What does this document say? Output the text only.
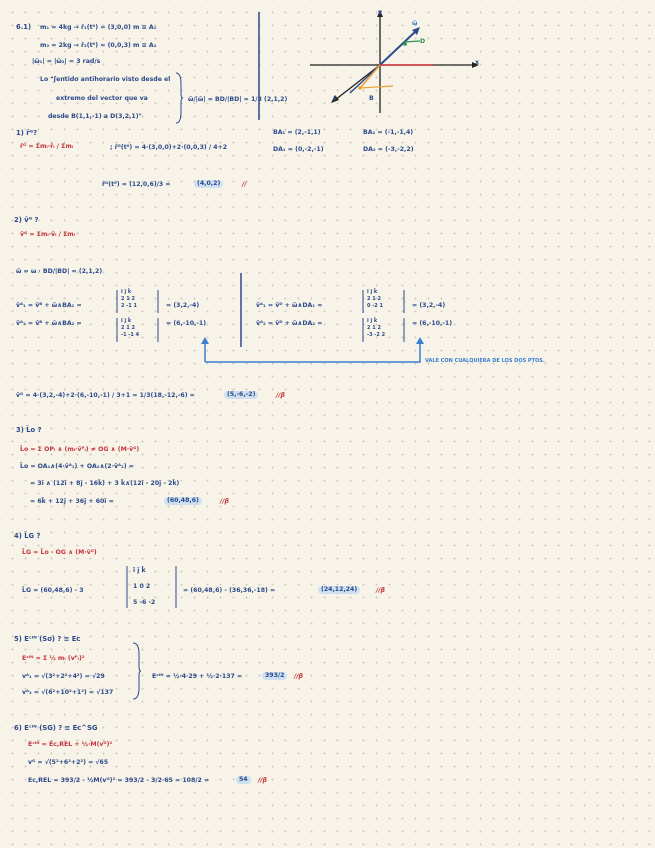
6.1) m₁ = 4kg → r̄₁(t⁰) = (3,0,0) m ≡ A₁
m₂ = 2kg → r̄₂(t⁰) = (0,0,3) m ≡ A₂
|ω̄₁| = |ω̄₂| = 3 rad/s
Lo "ʃentido antihorario visto desde el
extremo del vector que va
desde B(1,1,-1) a D(3,2,1)"
ω̄/|ω̄| = BD/|BD| = 1/3 (2,1,2)
y
x
z
ω̄
D
B
1) r̄ᴳ?
r̄ᴳ = Σmᵢ·r̄ᵢ / Σmᵢ	; r̄ᴳ(t⁰) = 4·(3,0,0)+2·(0,0,3) / 4+2
r̄ᴳ(t⁰) = (12,0,6)/3 =	(4,0,2)	//
BA₁ = (2,-1,1)	BA₂ = (-1,-1,4)
DA₁ = (0,-2,-1)	DA₂ = (-3,-2,2)
2) v̄ᴳ ?
v̄ᴳ = Σmᵢ·v̄ᵢ / Σmᵢ
ω̄ = ω · BD/|BD| = (2,1,2)
v̄ᴬ₁ = v̄ᴮ + ω̄∧BA₁ =
v̄ᴬ₂ = v̄ᴮ + ω̄∧BA₂ =
= (3,2,-4)
= (6,-10,-1)
ī j̄ k̄
2 1 2
2 -1 1
ī j̄ k̄
2 1 2
-1 -1 4
v̄ᴬ₁ = v̄ᴰ + ω̄∧DA₁ =
v̄ᴬ₂ = v̄ᴰ + ω̄∧DA₂ =
= (3,2,-4)
= (6,-10,-1)
ī j̄ k̄
2 1 2
0 -2 1
ī j̄ k̄
2 1 2
-3 -2 2
VALE CON CUALQUIERA DE LOS DOS PTOS.
v̄ᴳ = 4·(3,2,-4)+2·(6,-10,-1) / 3+1 = 1/3(18,-12,-6) =	(5,-6,-2)	//β
3) L̄o ?
L̄o = Σ OPᵢ ∧ (mᵢ·v̄ᴾᵢ) ≠ OG ∧ (M·v̄ᴳ)
L̄o = OA₁∧(4·v̄ᴬ₁) + OA₂∧(2·v̄ᴬ₂) =
= 3ī ∧ (12ī + 8j̄ - 16k̄) + 3 k̄∧(12ī - 20j̄ - 2k̄)
= 6k̄ + 12j̄ + 36j̄ + 60ī =	(60,48,6)	//β
4) L̄G ?
L̄G = L̄o - OG ∧ (M·v̄ᴳ)
L̄G = (60,48,6) - 3
ī j̄ k̄
1 0 2
5 -6 -2
= (60,48,6) - (36,36,-18) =	(24,12,24)	//β
5) Eᶜᴵᴺ (So) ? ≡ Ec
Eᶜᴵᴺ = Σ ½ mᵢ (vᴾᵢ)²
vᴬ₁ = √(3²+2²+4²) = √29
vᴬ₂ = √(6²+10²+1²) = √137
Eᶜᴵᴺ = ½·4·29 + ½·2·137 =	393/2	//β
6) Eᶜᴵᴺ (SG) ? ≡ Ec^SG
Eᶜᴵᴺ = Ec,REL + ½·M(vᴳ)²
vᴳ = √(5²+6²+2²) = √65
Ec,REL = 393/2 - ½M(vᴳ)² = 393/2 - 3/2·65 = 108/2 =	54	//β
